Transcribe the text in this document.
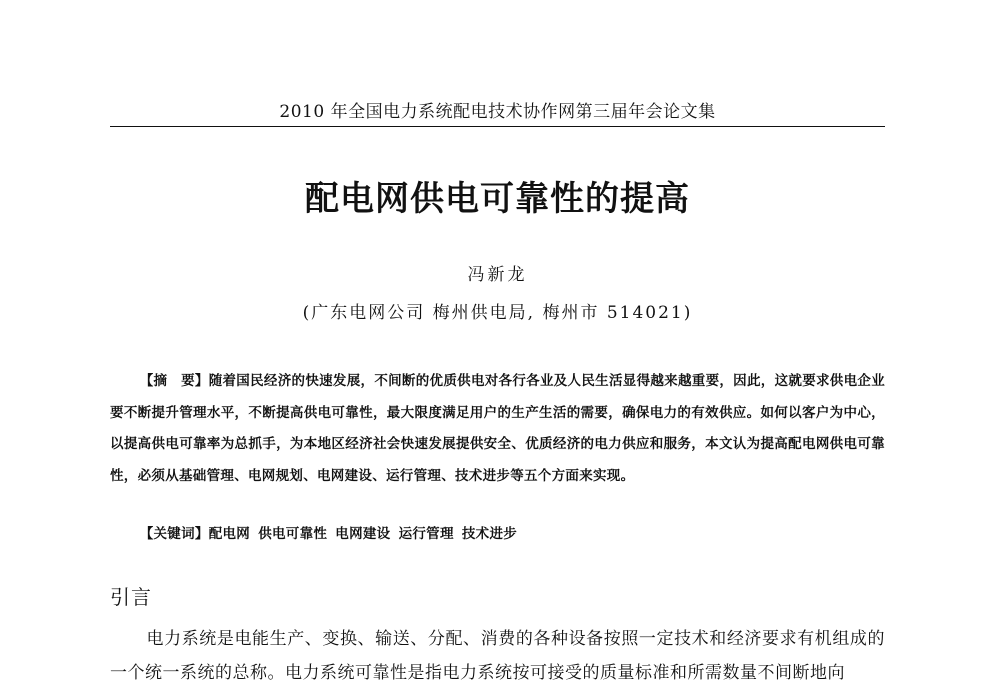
2010 年全国电力系统配电技术协作网第三届年会论文集
配电网供电可靠性的提高
冯新龙
(广东电网公司 梅州供电局, 梅州市 514021)

【摘　要】随着国民经济的快速发展，不间断的优质供电对各行各业及人民生活显得越来越重要，因此，这就要求供电企业要不断提升管理水平，不断提高供电可靠性，最大限度满足用户的生产生活的需要，确保电力的有效供应。如何以客户为中心，以提高供电可靠率为总抓手，为本地区经济社会快速发展提供安全、优质经济的电力供应和服务，本文认为提高配电网供电可靠性，必须从基础管理、电网规划、电网建设、运行管理、技术进步等五个方面来实现。

【关键词】配电网 供电可靠性 电网建设 运行管理 技术进步

引言

电力系统是电能生产、变换、输送、分配、消费的各种设备按照一定技术和经济要求有机组成的一个统一系统的总称。电力系统可靠性是指电力系统按可接受的质量标准和所需数量不间断地向
